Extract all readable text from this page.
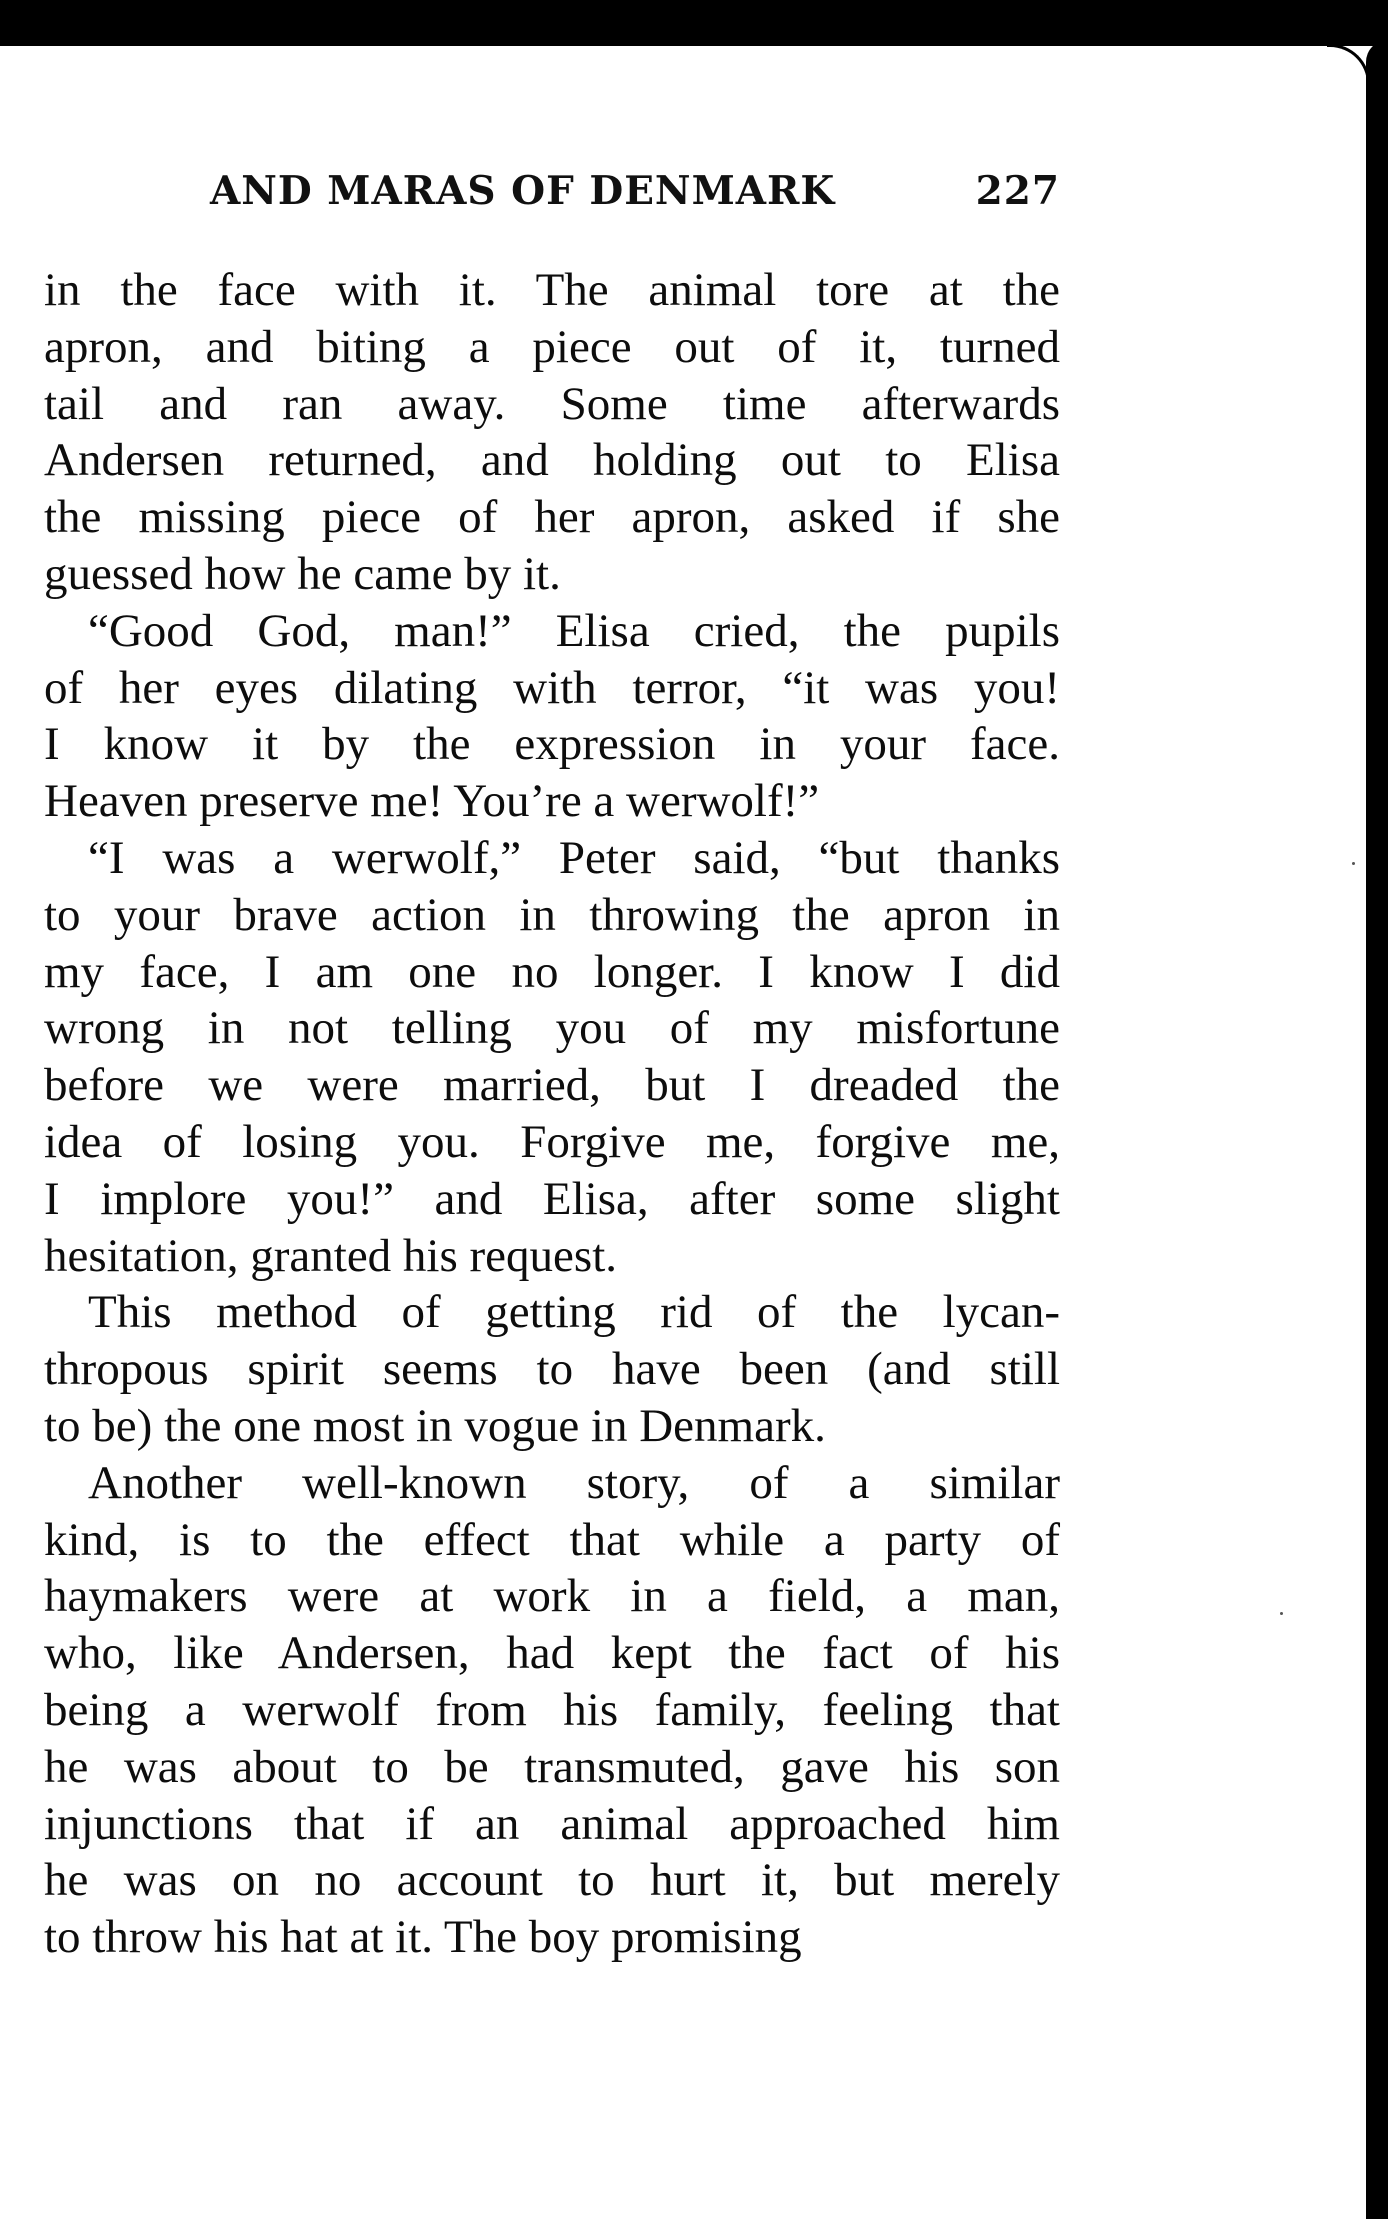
AND MARAS OF DENMARK	227
in the face with it. The animal tore at the
apron, and biting a piece out of it, turned
tail and ran away. Some time afterwards
Andersen returned, and holding out to Elisa
the missing piece of her apron, asked if she
guessed how he came by it.
“Good God, man!” Elisa cried, the pupils
of her eyes dilating with terror, “it was you!
I know it by the expression in your face.
Heaven preserve me! You’re a werwolf!”
“I was a werwolf,” Peter said, “but thanks
to your brave action in throwing the apron in
my face, I am one no longer. I know I did
wrong in not telling you of my misfortune
before we were married, but I dreaded the
idea of losing you. Forgive me, forgive me,
I implore you!” and Elisa, after some slight
hesitation, granted his request.
This method of getting rid of the lycan-
thropous spirit seems to have been (and still
to be) the one most in vogue in Denmark.
Another well-known story, of a similar
kind, is to the effect that while a party of
haymakers were at work in a field, a man,
who, like Andersen, had kept the fact of his
being a werwolf from his family, feeling that
he was about to be transmuted, gave his son
injunctions that if an animal approached him
he was on no account to hurt it, but merely
to throw his hat at it. The boy promising
